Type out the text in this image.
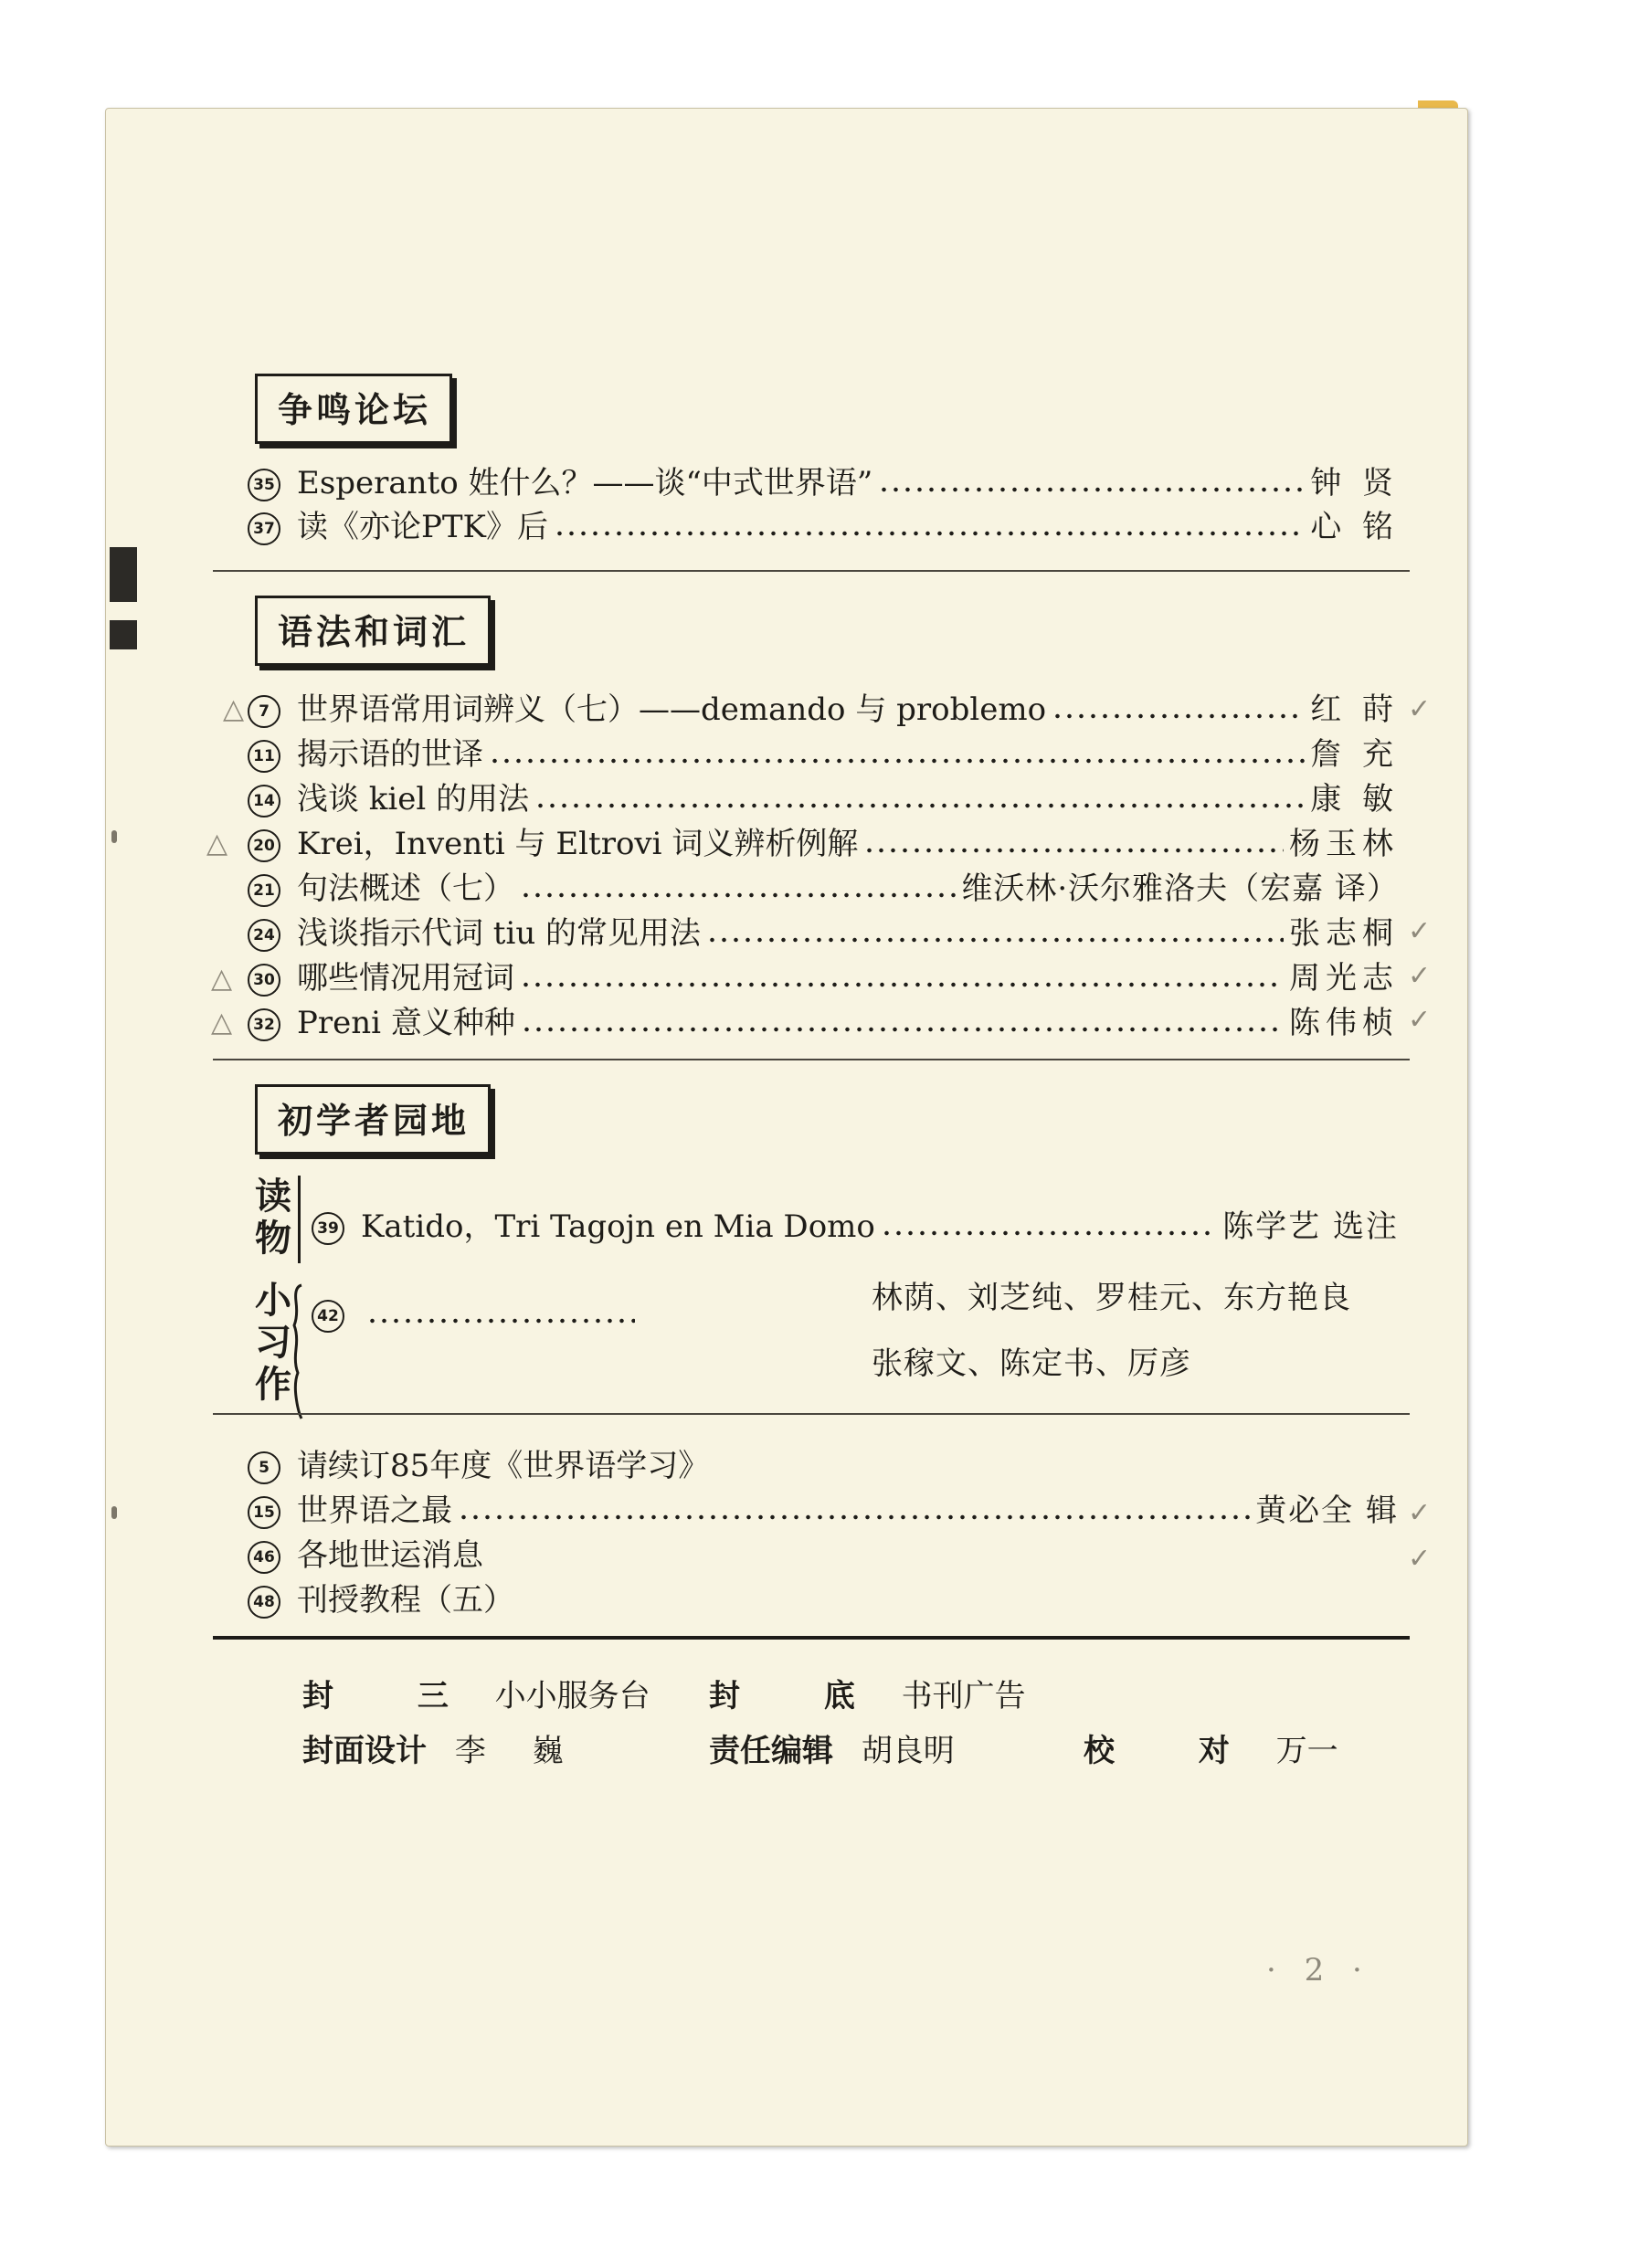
争鸣论坛
35 Esperanto 姓什么？——谈“中式世界语”	钟 贤
37 读《亦论PTK》后	心 铭
语法和词汇
7 世界语常用词辨义（七）——demando 与 problemo	红 莳
11 揭示语的世译	詹 充
14 浅谈 kiel 的用法	康 敏
20 Krei，Inventi 与 Eltrovi 词义辨析例解	杨玉林
21 句法概述（七）	维沃林·沃尔雅洛夫（宏嘉 译）
24 浅谈指示代词 tiu 的常见用法	张志桐
30 哪些情况用冠词	周光志
32 Preni 意义种种	陈伟桢
△
△
△
△
✓
✓
✓
✓
初学者园地
读物	39 Katido，Tri Tagojn en Mia Domo	陈学艺 选注
小习作
42	林荫、刘芝纯、罗桂元、东方艳良
张稼文、陈定书、厉彦
5 请续订85年度《世界语学习》
15 世界语之最	黄必全 辑
46 各地世运消息
48 刊授教程（五）
✓
✓
封 三 小小服务台 封 底 书刊广告
封面设计 李 巍	责任编辑 胡良明	校 对 万一
· 2 ·
